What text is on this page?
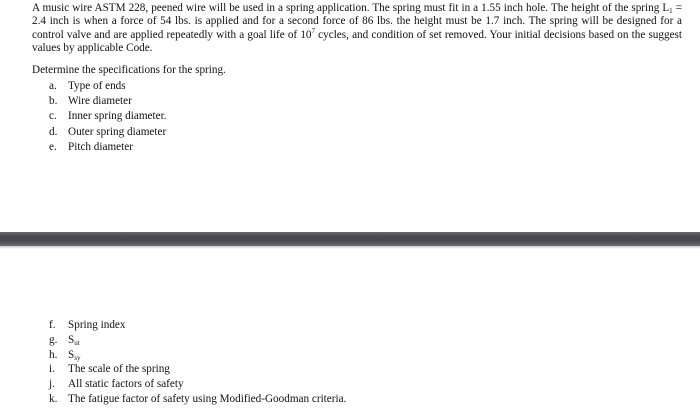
A music wire ASTM 228, peened wire will be used in a spring application. The spring must fit in a 1.55 inch hole. The height of the spring $L_1 = 2.4$ inch is when a force of 54 lbs. is applied and for a second force of 86 lbs. the height must be 1.7 inch. The spring will be designed for a control valve and are applied repeatedly with a goal life of $10^7$ cycles, and condition of set removed. Your initial decisions based on the suggest values by applicable Code.

Determine the specifications for the spring.

a. Type of ends
b. Wire diameter
c. Inner spring diameter.
d. Outer spring diameter
e. Pitch diameter
f. Spring index
g. $S_{ut}$
h. $S_{sy}$
i. The scale of the spring
j. All static factors of safety
k. The fatigue factor of safety using Modified-Goodman criteria.
